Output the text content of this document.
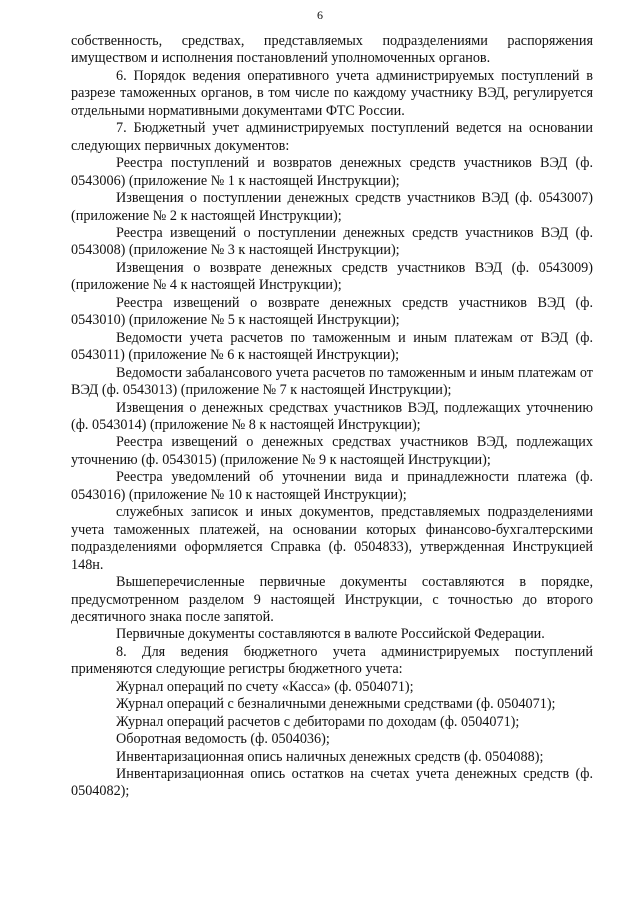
6

собственность, средствах, представляемых подразделениями распоряжения имуществом и исполнения постановлений уполномоченных органов.

6. Порядок ведения оперативного учета администрируемых поступлений в разрезе таможенных органов, в том числе по каждому участнику ВЭД, регулируется отдельными нормативными документами ФТС России.

7. Бюджетный учет администрируемых поступлений ведется на основании следующих первичных документов:

Реестра поступлений и возвратов денежных средств участников ВЭД (ф. 0543006) (приложение № 1 к настоящей Инструкции);

Извещения о поступлении денежных средств участников ВЭД (ф. 0543007) (приложение № 2 к настоящей Инструкции);

Реестра извещений о поступлении денежных средств участников ВЭД (ф. 0543008) (приложение № 3 к настоящей Инструкции);

Извещения о возврате денежных средств участников ВЭД (ф. 0543009) (приложение № 4 к настоящей Инструкции);

Реестра извещений о возврате денежных средств участников ВЭД (ф. 0543010) (приложение № 5 к настоящей Инструкции);

Ведомости учета расчетов по таможенным и иным платежам от ВЭД (ф. 0543011) (приложение № 6 к настоящей Инструкции);

Ведомости забалансового учета расчетов по таможенным и иным платежам от ВЭД (ф. 0543013) (приложение № 7 к настоящей Инструкции);

Извещения о денежных средствах участников ВЭД, подлежащих уточнению (ф. 0543014) (приложение № 8 к настоящей Инструкции);

Реестра извещений о денежных средствах участников ВЭД, подлежащих уточнению (ф. 0543015) (приложение № 9 к настоящей Инструкции);

Реестра уведомлений об уточнении вида и принадлежности платежа (ф. 0543016) (приложение № 10 к настоящей Инструкции);

служебных записок и иных документов, представляемых подразделениями учета таможенных платежей, на основании которых финансово-бухгалтерскими подразделениями оформляется Справка (ф. 0504833), утвержденная Инструкцией 148н.

Вышеперечисленные первичные документы составляются в порядке, предусмотренном разделом 9 настоящей Инструкции, с точностью до второго десятичного знака после запятой.

Первичные документы составляются в валюте Российской Федерации.

8. Для ведения бюджетного учета администрируемых поступлений применяются следующие регистры бюджетного учета:

Журнал операций по счету «Касса» (ф. 0504071);

Журнал операций с безналичными денежными средствами (ф. 0504071);

Журнал операций расчетов с дебиторами по доходам (ф. 0504071);

Оборотная ведомость (ф. 0504036);

Инвентаризационная опись наличных денежных средств (ф. 0504088);

Инвентаризационная опись остатков на счетах учета денежных средств (ф. 0504082);
